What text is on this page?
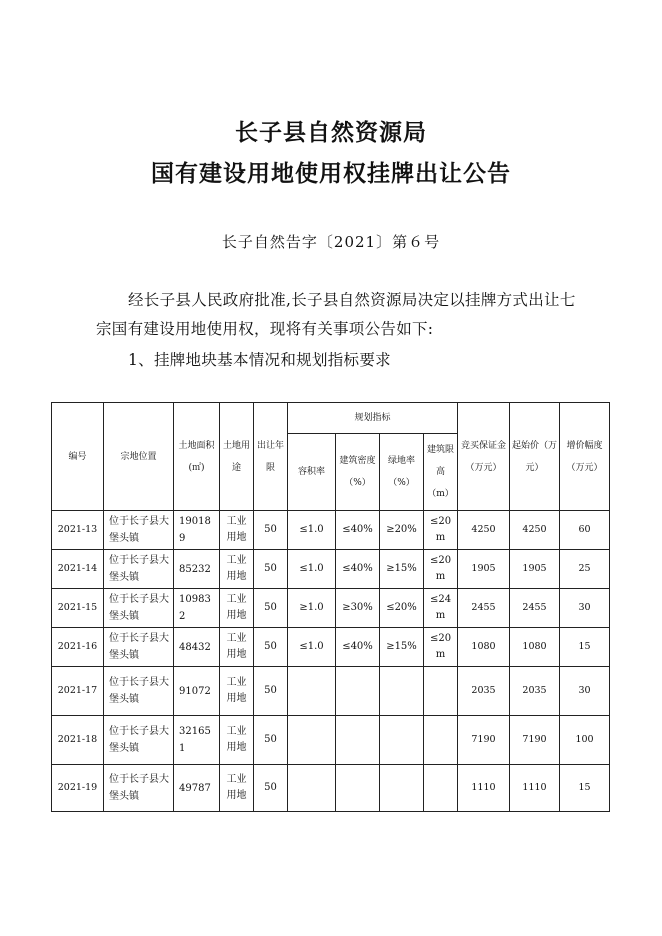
长子县自然资源局
国有建设用地使用权挂牌出让公告
长子自然告字〔2021〕第６号
经长子县人民政府批准,长子县自然资源局决定以挂牌方式出让七宗国有建设用地使用权，现将有关事项公告如下:
1、挂牌地块基本情况和规划指标要求
编号	宗地位置	土地面积(㎡)	土地用途	出让年限	规划指标				竞买保证金（万元）	起始价（万元）	增价幅度（万元）
					容积率	建筑密度（%）	绿地率（%）	建筑限高（m）			
2021-13	位于长子县大堡头镇	190189	工业用地	50	≤1.0	≤40%	≥20%	≤20m	4250	4250	60
2021-14	位于长子县大堡头镇	85232	工业用地	50	≤1.0	≤40%	≥15%	≤20m	1905	1905	25
2021-15	位于长子县大堡头镇	109832	工业用地	50	≥1.0	≥30%	≤20%	≤24m	2455	2455	30
2021-16	位于长子县大堡头镇	48432	工业用地	50	≤1.0	≤40%	≥15%	≤20m	1080	1080	15
2021-17	位于长子县大堡头镇	91072	工业用地	50					2035	2035	30
2021-18	位于长子县大堡头镇	321651	工业用地	50					7190	7190	100
2021-19	位于长子县大堡头镇	49787	工业用地	50					1110	1110	15
